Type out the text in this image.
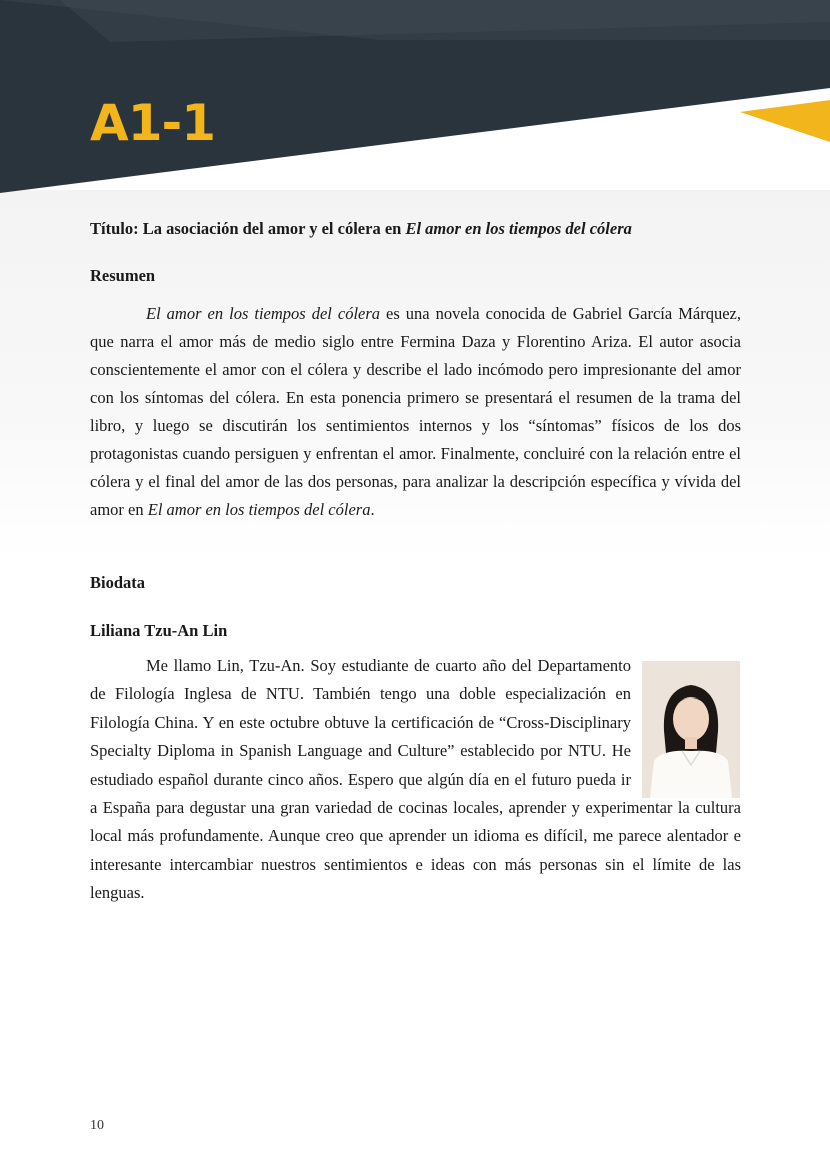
A1-1
Título: La asociación del amor y el cólera en El amor en los tiempos del cólera
Resumen

El amor en los tiempos del cólera es una novela conocida de Gabriel García Márquez, que narra el amor más de medio siglo entre Fermina Daza y Florentino Ariza. El autor asocia conscientemente el amor con el cólera y describe el lado incómodo pero impresionante del amor con los síntomas del cólera. En esta ponencia primero se presentará el resumen de la trama del libro, y luego se discutirán los sentimientos internos y los “síntomas” físicos de los dos protagonistas cuando persiguen y enfrentan el amor. Finalmente, concluiré con la relación entre el cólera y el final del amor de las dos personas, para analizar la descripción específica y vívida del amor en El amor en los tiempos del cólera.

Biodata
Liliana Tzu-An Lin

Me llamo Lin, Tzu-An. Soy estudiante de cuarto año del Departamento de Filología Inglesa de NTU. También tengo una doble especialización en Filología China. Y en este octubre obtuve la certificación de “Cross-Disciplinary Specialty Diploma in Spanish Language and Culture” establecido por NTU. He estudiado español durante cinco años. Espero que algún día en el futuro pueda ir a España para degustar una gran variedad de cocinas locales, aprender y experimentar la cultura local más profundamente. Aunque creo que aprender un idioma es difícil, me parece alentador e interesante intercambiar nuestros sentimientos e ideas con más personas sin el límite de las lenguas.

10
